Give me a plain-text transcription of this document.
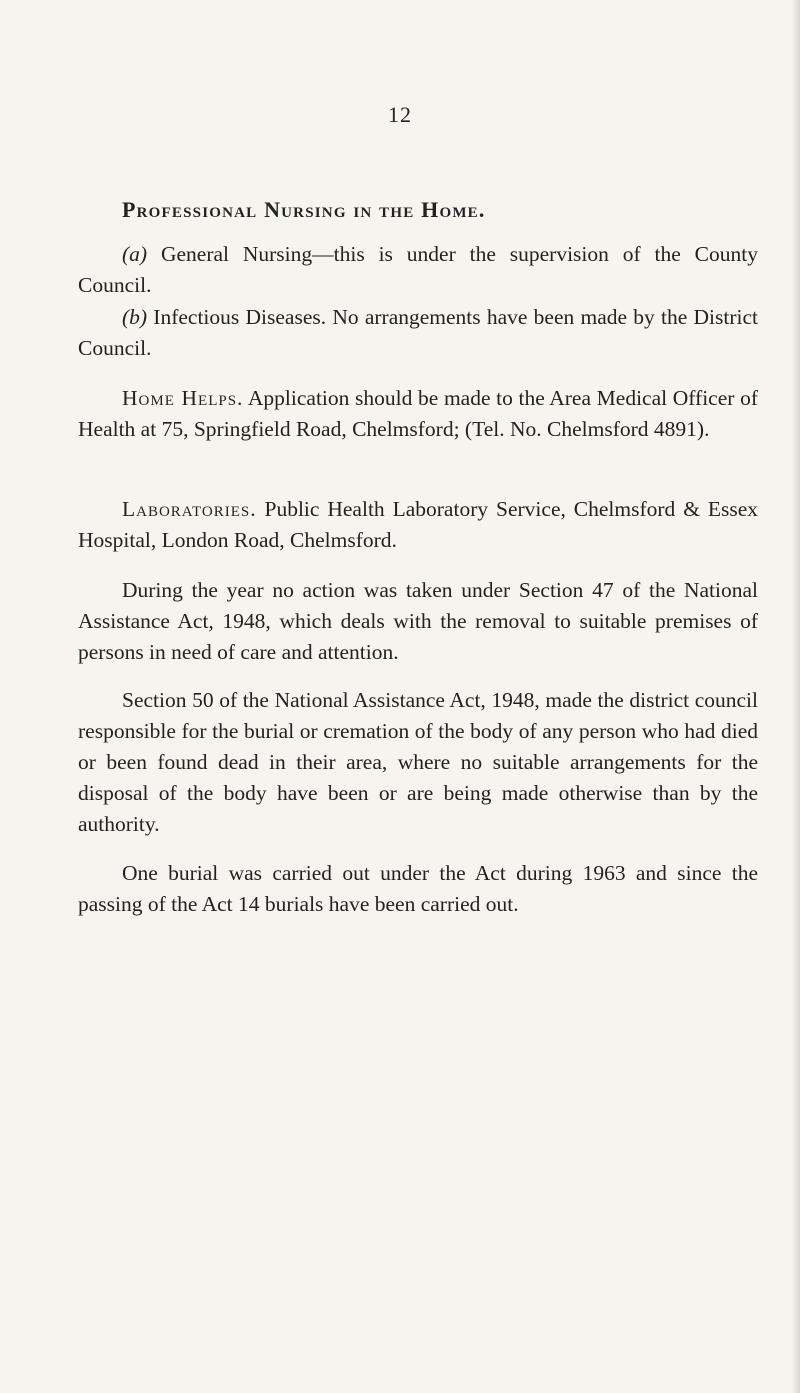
12
Professional Nursing in the Home.

(a) General Nursing—this is under the supervision of the County Council.

(b) Infectious Diseases. No arrangements have been made by the District Council.

Home Helps. Application should be made to the Area Medical Officer of Health at 75, Springfield Road, Chelmsford; (Tel. No. Chelmsford 4891).

Laboratories. Public Health Laboratory Service, Chelmsford & Essex Hospital, London Road, Chelmsford.

During the year no action was taken under Section 47 of the National Assistance Act, 1948, which deals with the removal to suitable premises of persons in need of care and attention.

Section 50 of the National Assistance Act, 1948, made the district council responsible for the burial or cremation of the body of any person who had died or been found dead in their area, where no suitable arrangements for the disposal of the body have been or are being made otherwise than by the authority.

One burial was carried out under the Act during 1963 and since the passing of the Act 14 burials have been carried out.
